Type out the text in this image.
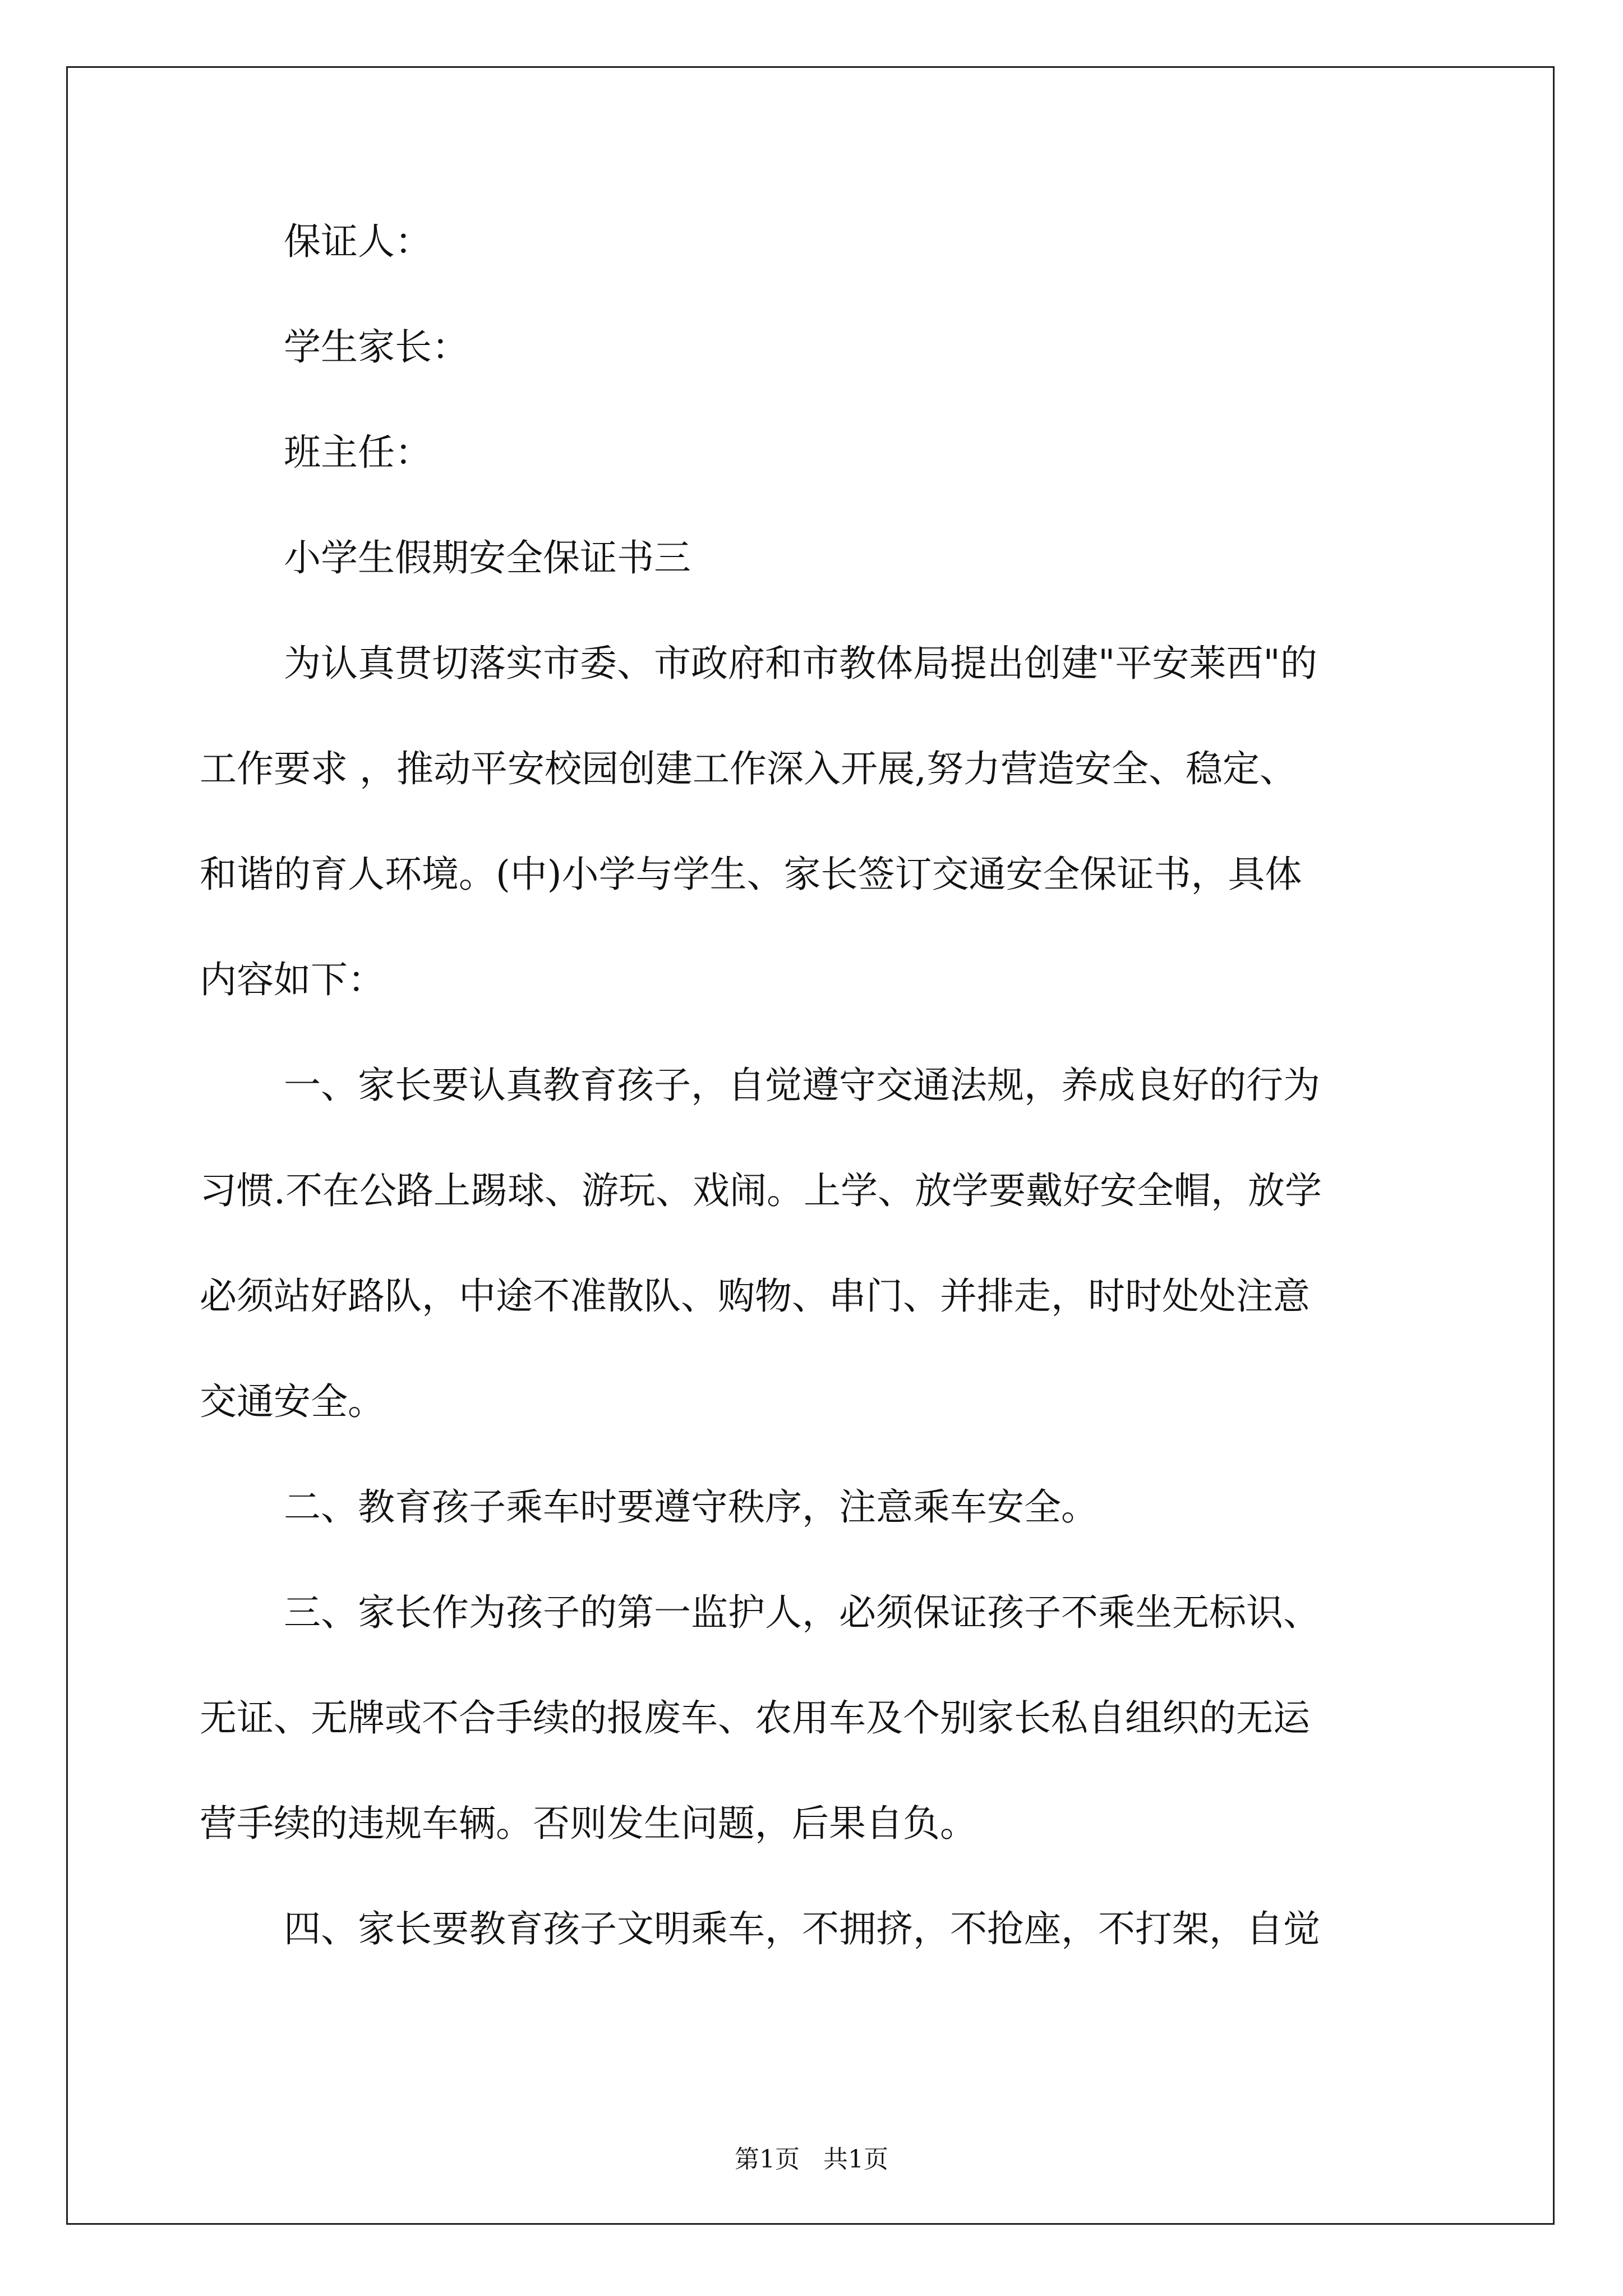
保证人：
学生家长：
班主任：
小学生假期安全保证书三
为认真贯切落实市委、市政府和市教体局提出创建"平安莱西"的
工作要求 ，推动平安校园创建工作深入开展,努力营造安全、稳定、
和谐的育人环境。(中)小学与学生、家长签订交通安全保证书，具体
内容如下：
一、家长要认真教育孩子，自觉遵守交通法规，养成良好的行为
习惯.不在公路上踢球、游玩、戏闹。上学、放学要戴好安全帽，放学
必须站好路队，中途不准散队、购物、串门、并排走，时时处处注意
交通安全。
二、教育孩子乘车时要遵守秩序，注意乘车安全。
三、家长作为孩子的第一监护人，必须保证孩子不乘坐无标识、
无证、无牌或不合手续的报废车、农用车及个别家长私自组织的无运
营手续的违规车辆。否则发生问题，后果自负。
四、家长要教育孩子文明乘车，不拥挤，不抢座，不打架，自觉
第1页   共1页
